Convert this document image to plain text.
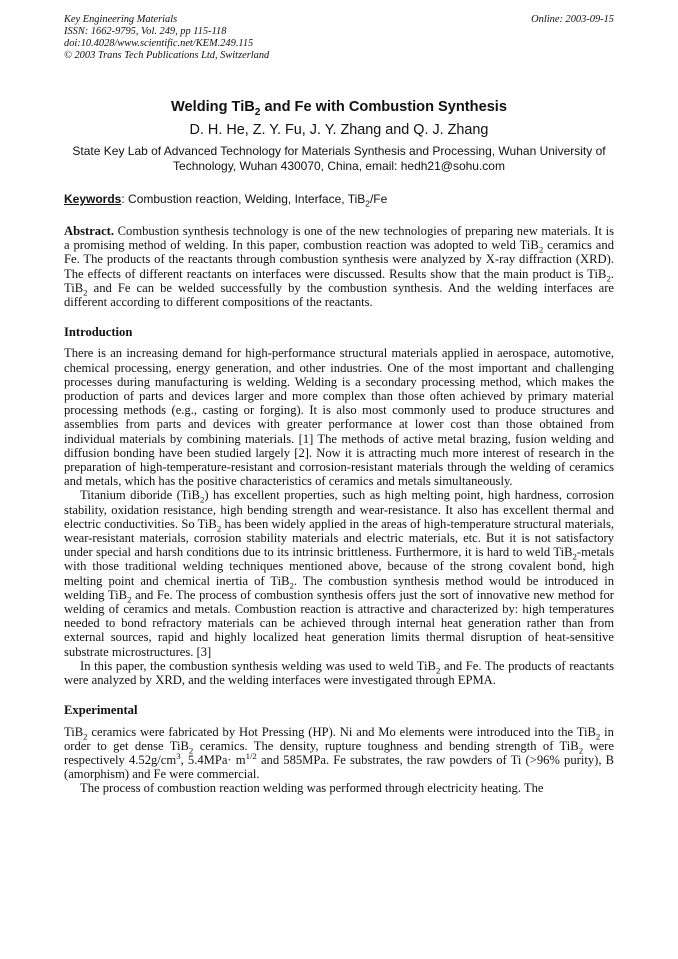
Key Engineering Materials
ISSN: 1662-9795, Vol. 249, pp 115-118
doi:10.4028/www.scientific.net/KEM.249.115
© 2003 Trans Tech Publications Ltd, Switzerland
Online: 2003-09-15
Welding TiB$_2$ and Fe with Combustion Synthesis
D. H. He, Z. Y. Fu, J. Y. Zhang and Q. J. Zhang
State Key Lab of Advanced Technology for Materials Synthesis and Processing, Wuhan University of Technology, Wuhan 430070, China, email: hedh21@sohu.com
Keywords: Combustion reaction, Welding, Interface, TiB$_2$/Fe

Abstract. Combustion synthesis technology is one of the new technologies of preparing new materials. It is a promising method of welding. In this paper, combustion reaction was adopted to weld TiB$_2$ ceramics and Fe. The products of the reactants through combustion synthesis were analyzed by X-ray diffraction (XRD). The effects of different reactants on interfaces were discussed. Results show that the main product is TiB$_2$. TiB$_2$ and Fe can be welded successfully by the combustion synthesis. And the welding interfaces are different according to different compositions of the reactants.

Introduction

There is an increasing demand for high-performance structural materials applied in aerospace, automotive, chemical processing, energy generation, and other industries. One of the most important and challenging processes during manufacturing is welding. Welding is a secondary processing method, which makes the production of parts and devices larger and more complex than those often achieved by primary material processing methods (e.g., casting or forging). It is also most commonly used to produce structures and assemblies from parts and devices with greater performance at lower cost than those obtained from individual materials by combining materials. [1] The methods of active metal brazing, fusion welding and diffusion bonding have been studied largely [2]. Now it is attracting much more interest of research in the preparation of high-temperature-resistant and corrosion-resistant materials through the welding of ceramics and metals, which has the positive characteristics of ceramics and metals simultaneously.

Titanium diboride (TiB$_2$) has excellent properties, such as high melting point, high hardness, corrosion stability, oxidation resistance, high bending strength and wear-resistance. It also has excellent thermal and electric conductivities. So TiB$_2$ has been widely applied in the areas of high-temperature structural materials, wear-resistant materials, corrosion stability materials and electric materials, etc. But it is not satisfactory under special and harsh conditions due to its intrinsic brittleness. Furthermore, it is hard to weld TiB$_2$-metals with those traditional welding techniques mentioned above, because of the strong covalent bond, high melting point and chemical inertia of TiB$_2$. The combustion synthesis method would be introduced in welding TiB$_2$ and Fe. The process of combustion synthesis offers just the sort of innovative new method for welding of ceramics and metals. Combustion reaction is attractive and characterized by: high temperatures needed to bond refractory materials can be achieved through internal heat generation rather than from external sources, rapid and highly localized heat generation limits thermal disruption of heat-sensitive substrate microstructures. [3]

In this paper, the combustion synthesis welding was used to weld TiB$_2$ and Fe. The products of reactants were analyzed by XRD, and the welding interfaces were investigated through EPMA.

Experimental

TiB$_2$ ceramics were fabricated by Hot Pressing (HP). Ni and Mo elements were introduced into the TiB$_2$ in order to get dense TiB$_2$ ceramics. The density, rupture toughness and bending strength of TiB$_2$ were respectively $4.52g/cm^3$, $5.4MPa\cdot m^{1/2}$ and 585MPa. Fe substrates, the raw powders of Ti (>96% purity), B (amorphism) and Fe were commercial.

The process of combustion reaction welding was performed through electricity heating. The
